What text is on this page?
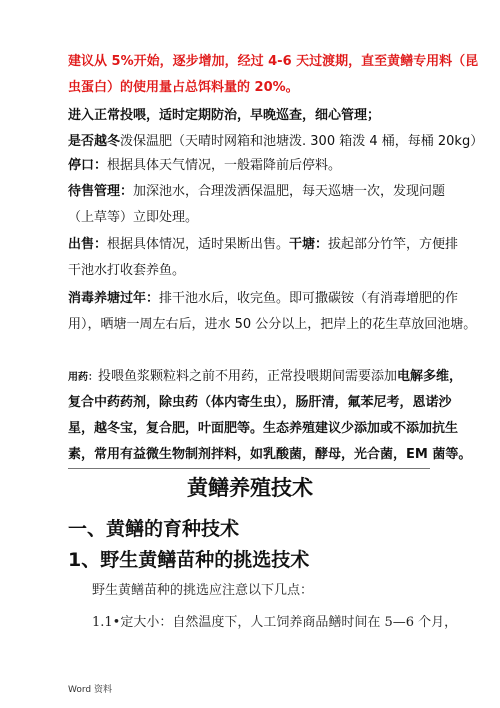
建议从 5%开始，逐步增加，经过 4-6 天过渡期，直至黄鳝专用料（昆
虫蛋白）的使用量占总饵料量的 20%。
进入正常投喂，适时定期防治，早晚巡查，细心管理；
是否越冬泼保温肥（天晴时网箱和池塘泼. 300 箱泼 4 桶，每桶 20kg）
停口：根据具体天气情况，一般霜降前后停料。
待售管理：加深池水，合理泼洒保温肥，每天巡塘一次，发现问题
（上草等）立即处理。
出售：根据具体情况，适时果断出售。干塘：拔起部分竹竿，方便排
干池水打收套养鱼。
消毒养塘过年：排干池水后，收完鱼。即可撒碳铵（有消毒增肥的作
用），晒塘一周左右后，进水 50 公分以上，把岸上的花生草放回池塘。
用药：投喂鱼浆颗粒料之前不用药，正常投喂期间需要添加电解多维，
复合中药药剂，除虫药（体内寄生虫），肠肝清，氟苯尼考，恩诺沙
星，越冬宝，复合肥，叶面肥等。生态养殖建议少添加或不添加抗生
素，常用有益微生物制剂拌料，如乳酸菌，酵母，光合菌，EM 菌等。
黄鳝养殖技术
一、黄鳝的育种技术
1、野生黄鳝苗种的挑选技术
野生黄鳝苗种的挑选应注意以下几点：
1.1•定大小：自然温度下，人工饲养商品鳝时间在 5—6 个月，
Word 资料
